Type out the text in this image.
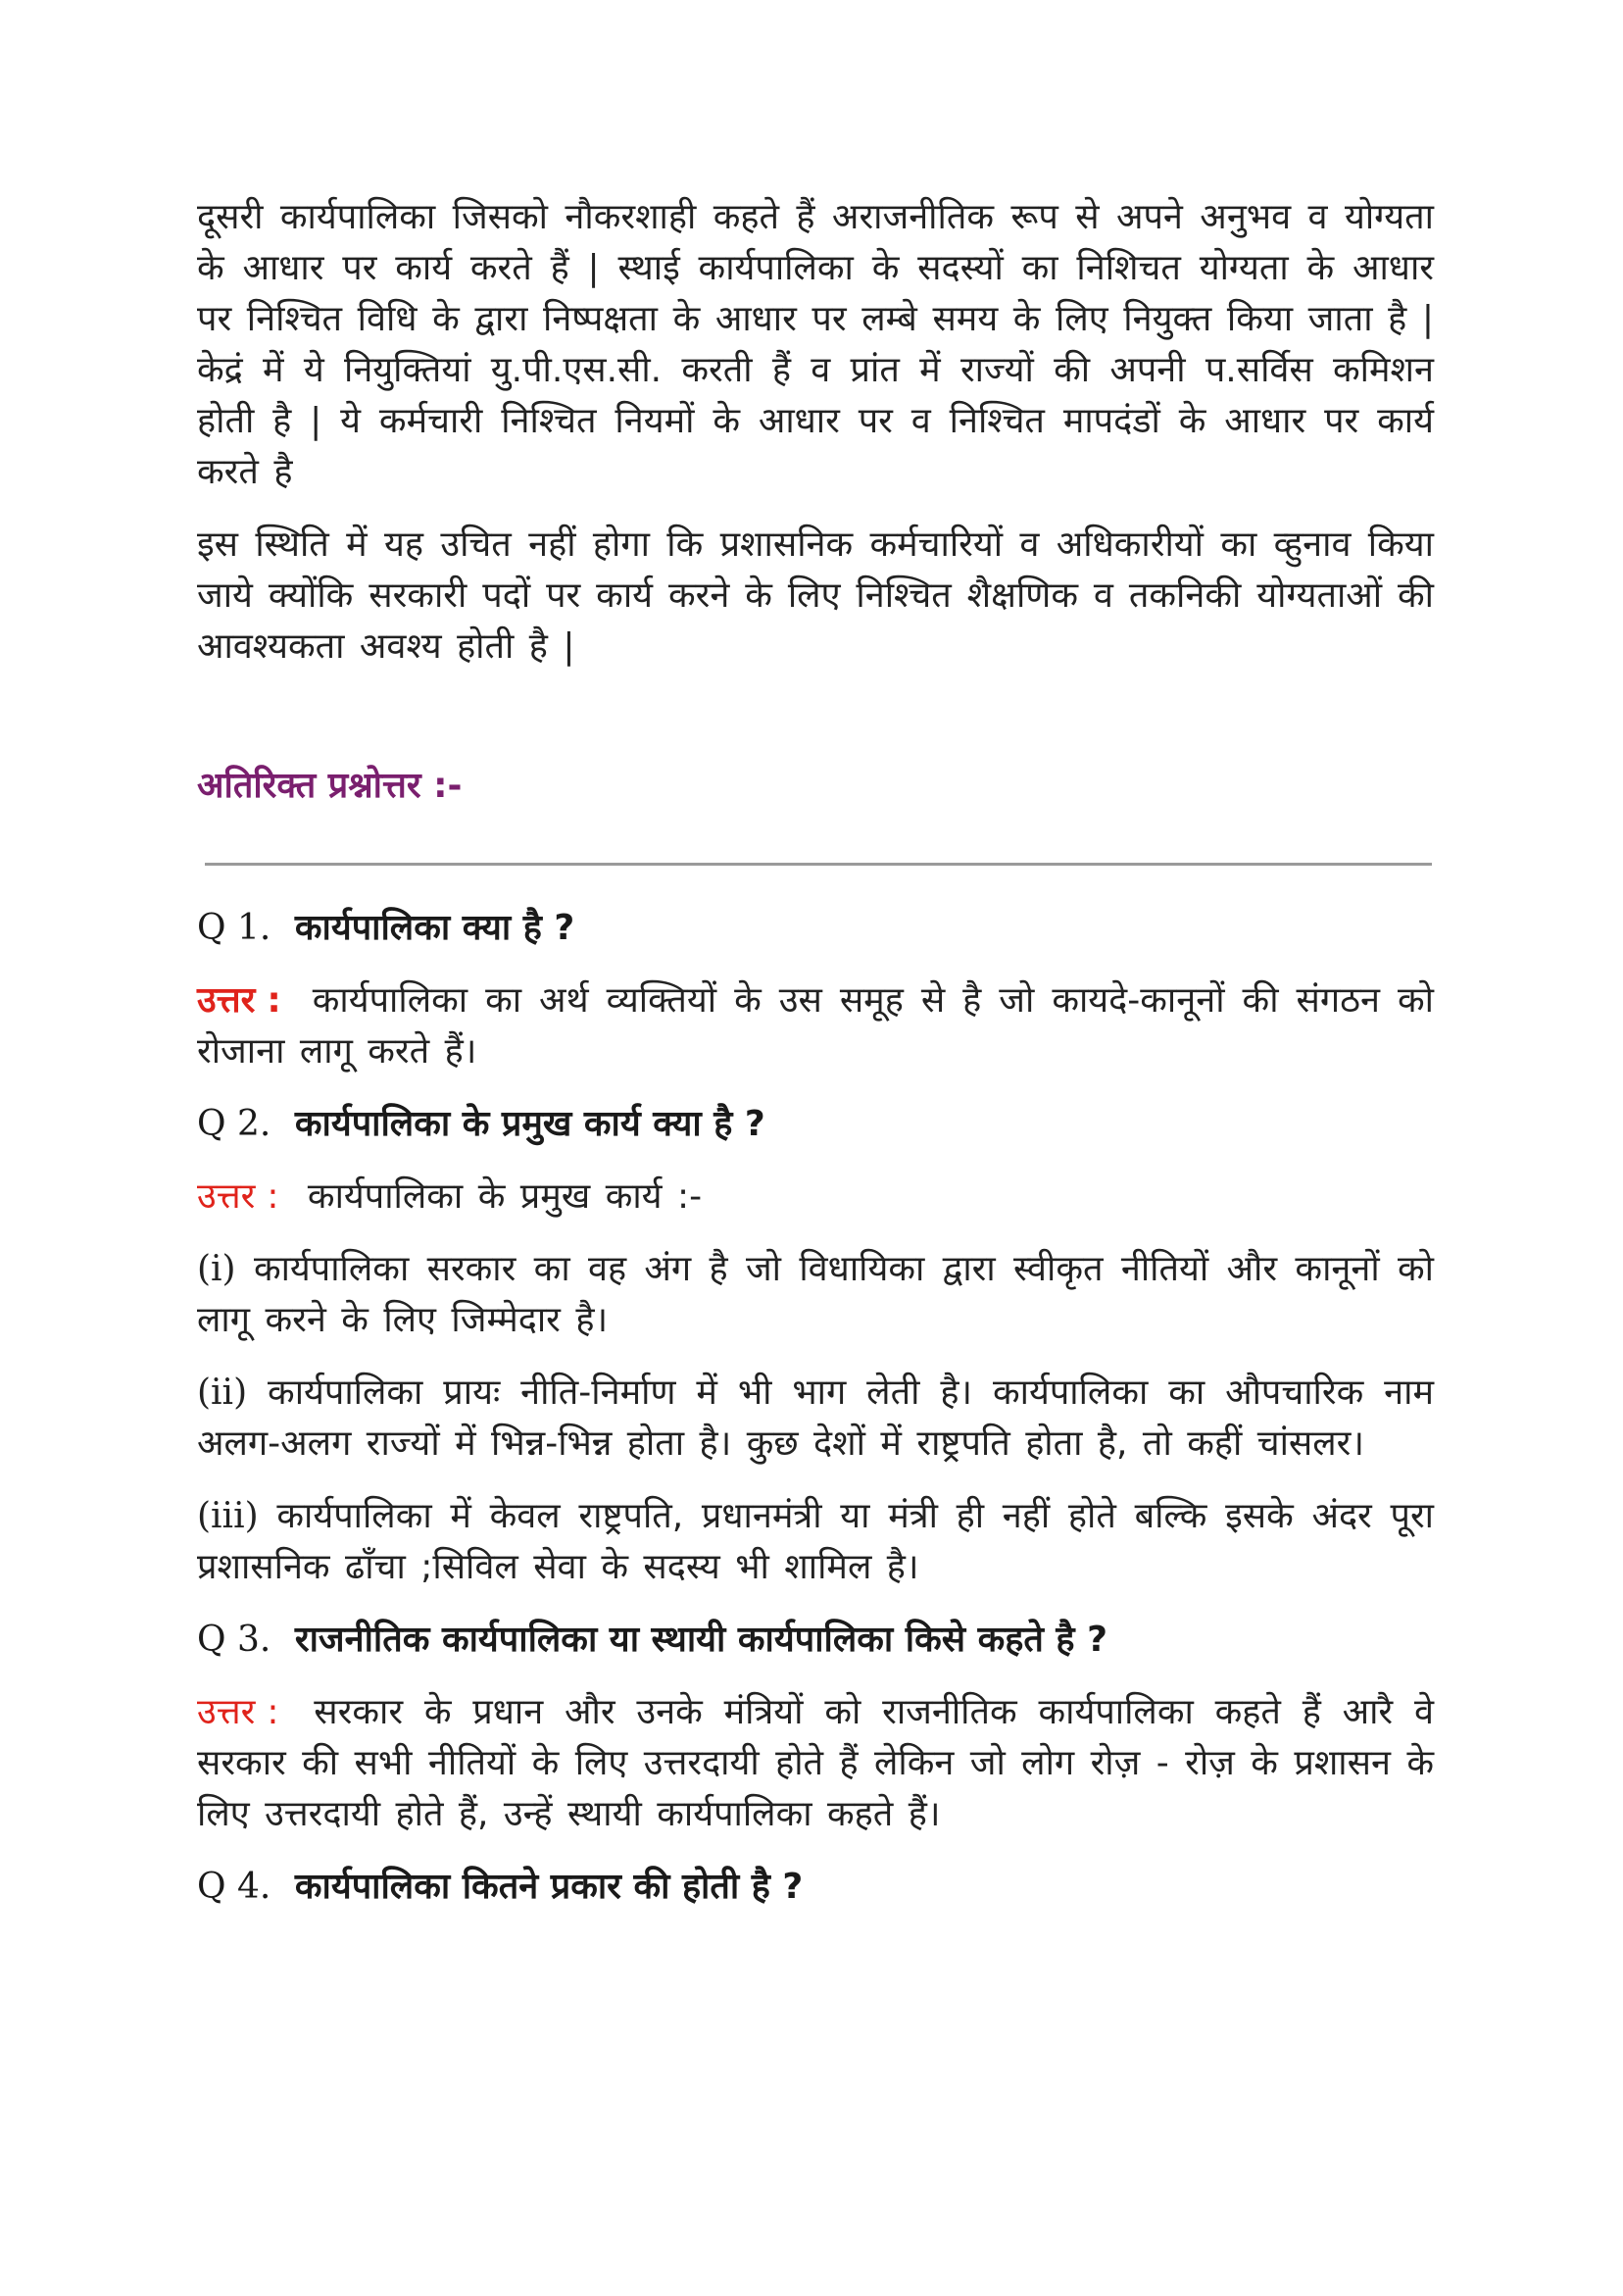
दूसरी कार्यपालिका जिसको नौकरशाही कहते हैं अराजनीतिक रूप से अपने अनुभव व योग्यता के आधार पर कार्य करते हैं | स्थाई कार्यपालिका के सदस्यों का निशिचत योग्यता के आधार पर निश्चित विधि के द्वारा निष्पक्षता के आधार पर लम्बे समय के लिए नियुक्त किया जाता है | केद्रं में ये नियुक्तियां यु.पी.एस.सी. करती हैं व प्रांत में राज्यों की अपनी प.सर्विस कमिशन होती है | ये कर्मचारी निश्चित नियमों के आधार पर व निश्चित मापदंडों के आधार पर कार्य करते है

इस स्थिति में यह उचित नहीं होगा कि प्रशासनिक कर्मचारियों व अधिकारीयों का व्हुनाव किया जाये क्योंकि सरकारी पदों पर कार्य करने के लिए निश्चित शैक्षणिक व तकनिकी योग्यताओं की आवश्यकता अवश्य होती है |

अतिरिक्त प्रश्नोत्तर :-
Q 1. कार्यपालिका क्या है ?

उत्तर : कार्यपालिका का अर्थ व्यक्तियों के उस समूह से है जो कायदे-कानूनों की संगठन को रोजाना लागू करते हैं।

Q 2. कार्यपालिका के प्रमुख कार्य क्या है ?

उत्तर : कार्यपालिका के प्रमुख कार्य :-

(i) कार्यपालिका सरकार का वह अंग है जो विधायिका द्वारा स्वीकृत नीतियों और कानूनों को लागू करने के लिए जिम्मेदार है।

(ii) कार्यपालिका प्रायः नीति-निर्माण में भी भाग लेती है। कार्यपालिका का औपचारिक नाम अलग-अलग राज्यों में भिन्न-भिन्न होता है। कुछ देशों में राष्ट्रपति होता है, तो कहीं चांसलर।

(iii) कार्यपालिका में केवल राष्ट्रपति, प्रधानमंत्री या मंत्री ही नहीं होते बल्कि इसके अंदर पूरा प्रशासनिक ढाँचा ;सिविल सेवा के सदस्य भी शामिल है।

Q 3. राजनीतिक कार्यपालिका या स्थायी कार्यपालिका किसे कहते है ?

उत्तर : सरकार के प्रधान और उनके मंत्रियों को राजनीतिक कार्यपालिका कहते हैं आरै वे सरकार की सभी नीतियों के लिए उत्तरदायी होते हैं लेकिन जो लोग रोज़ - रोज़ के प्रशासन के लिए उत्तरदायी होते हैं, उन्हें स्थायी कार्यपालिका कहते हैं।

Q 4. कार्यपालिका कितने प्रकार की होती है ?
